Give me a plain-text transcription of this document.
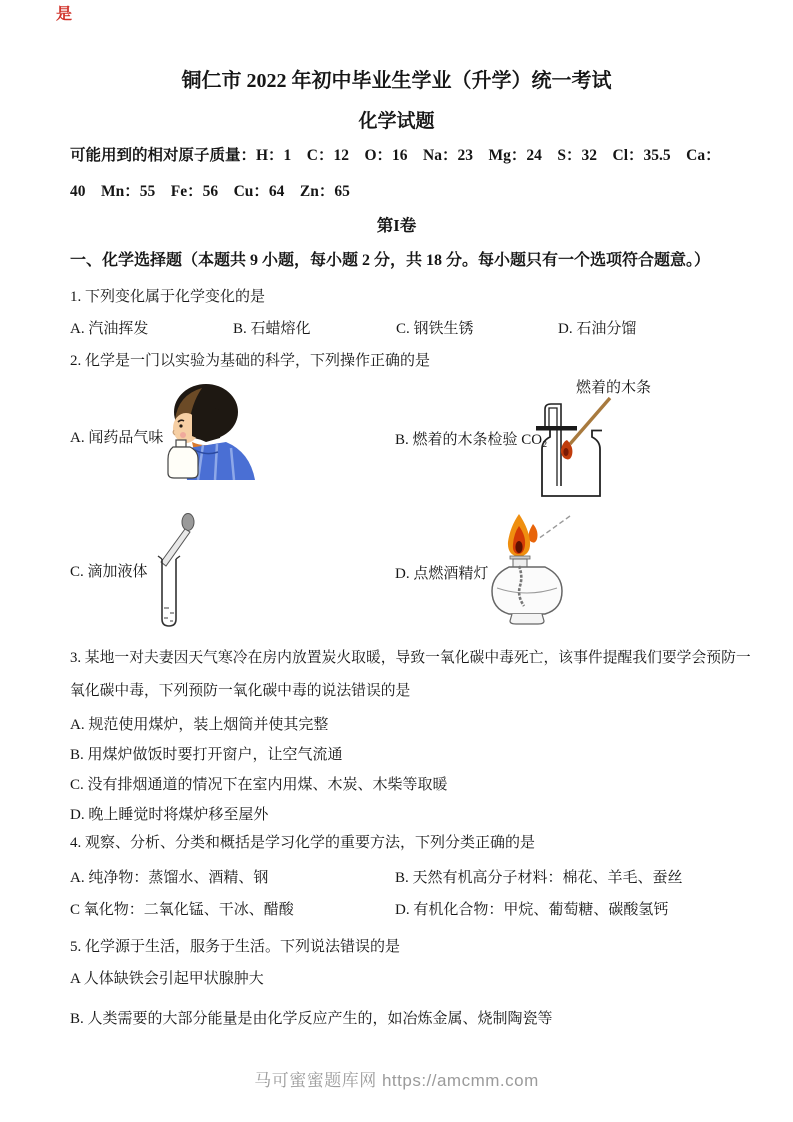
是
铜仁市 2022 年初中毕业生学业（升学）统一考试
化学试题

可能用到的相对原子质量：H：1　C：12　O：16　Na：23　Mg：24　S：32　Cl：35.5　Ca：

40　Mn：55　Fe：56　Cu：64　Zn：65

第I卷
一、化学选择题（本题共 9 小题，每小题 2 分，共 18 分。每小题只有一个选项符合题意。）

1. 下列变化属于化学变化的是

A. 汽油挥发	B. 石蜡熔化	C. 钢铁生锈	D. 石油分馏

2. 化学是一门以实验为基础的科学，下列操作正确的是

燃着的木条
A. 闻药品气味	B. 燃着的木条检验 CO₂
C. 滴加液体	D. 点燃酒精灯

3. 某地一对夫妻因天气寒冷在房内放置炭火取暖，导致一氧化碳中毒死亡，该事件提醒我们要学会预防一

氧化碳中毒，下列预防一氧化碳中毒的说法错误的是

A. 规范使用煤炉，装上烟筒并使其完整
B. 用煤炉做饭时要打开窗户，让空气流通
C. 没有排烟通道的情况下在室内用煤、木炭、木柴等取暖
D. 晚上睡觉时将煤炉移至屋外

4. 观察、分析、分类和概括是学习化学的重要方法，下列分类正确的是

A. 纯净物：蒸馏水、酒精、钢	B. 天然有机高分子材料：棉花、羊毛、蚕丝
C 氧化物：二氧化锰、干冰、醋酸	D. 有机化合物：甲烷、葡萄糖、碳酸氢钙

5. 化学源于生活，服务于生活。下列说法错误的是

A 人体缺铁会引起甲状腺肿大

B. 人类需要的大部分能量是由化学反应产生的，如冶炼金属、烧制陶瓷等

马可蜜蜜题库网 https://amcmm.com
